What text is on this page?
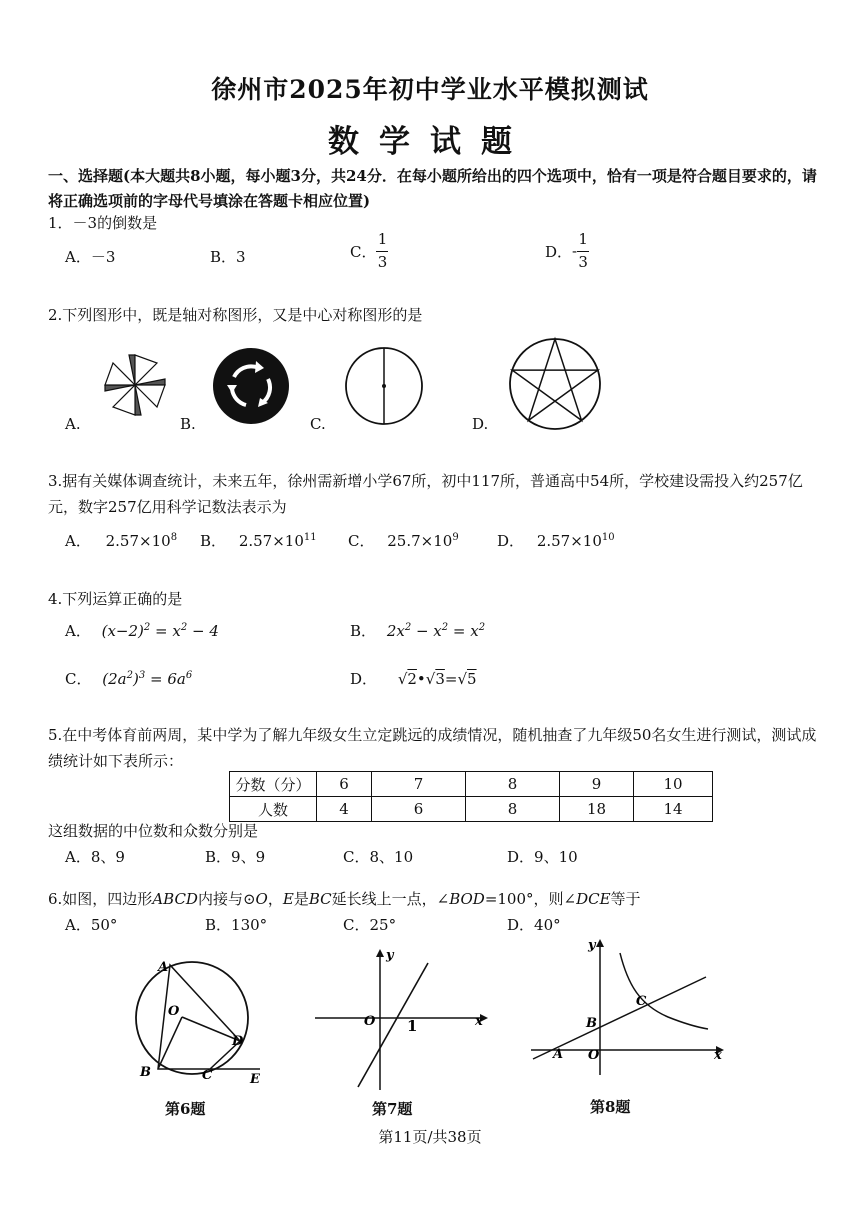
徐州市2025年初中学业水平模拟测试
数学试题
一、选择题(本大题共8小题，每小题3分，共24分．在每小题所给出的四个选项中，恰有一项是符合题目要求的，请将正确选项前的字母代号填涂在答题卡相应位置)
1．－3的倒数是
A．－3	B．3	C． $\frac{1}{3}$	D． - $\frac{1}{3}$
2.下列图形中，既是轴对称图形，又是中心对称图形的是
A.	B.	C.	D.
3.据有关媒体调查统计，未来五年，徐州需新增小学67所，初中117所，普通高中54所，学校建设需投入约257亿元，数字257亿用科学记数法表示为
A． $2.57\times 10^8$ B． $2.57\times 10^{11}$ C． $25.7\times 10^9$	D． $2.57\times 10^{10}$
4.下列运算正确的是
A． $(x-2)^2 = x^2 - 4$	B． $2x^2 - x^2 = x^2$
C． $(2a^2)^3 = 6a^6$	D． √2•√3=√5
5.在中考体育前两周，某中学为了解九年级女生立定跳远的成绩情况，随机抽查了九年级50名女生进行测试，测试成绩统计如下表所示：
分数（分）	6	7	8	9	10
人数	4	6	8	18	14
这组数据的中位数和众数分别是
A．8、9	B．9、9	C．8、10	D．9、10
6.如图，四边形ABCD内接与⊙O，E是BC延长线上一点，∠BOD=100°，则∠DCE等于
A．50°	B．130°	C．25°	D．40°
A
O
D
B	C	E
第6题
y
O 1	x
第7题
y
C
B
A O	x
第8题
第11页/共38页
